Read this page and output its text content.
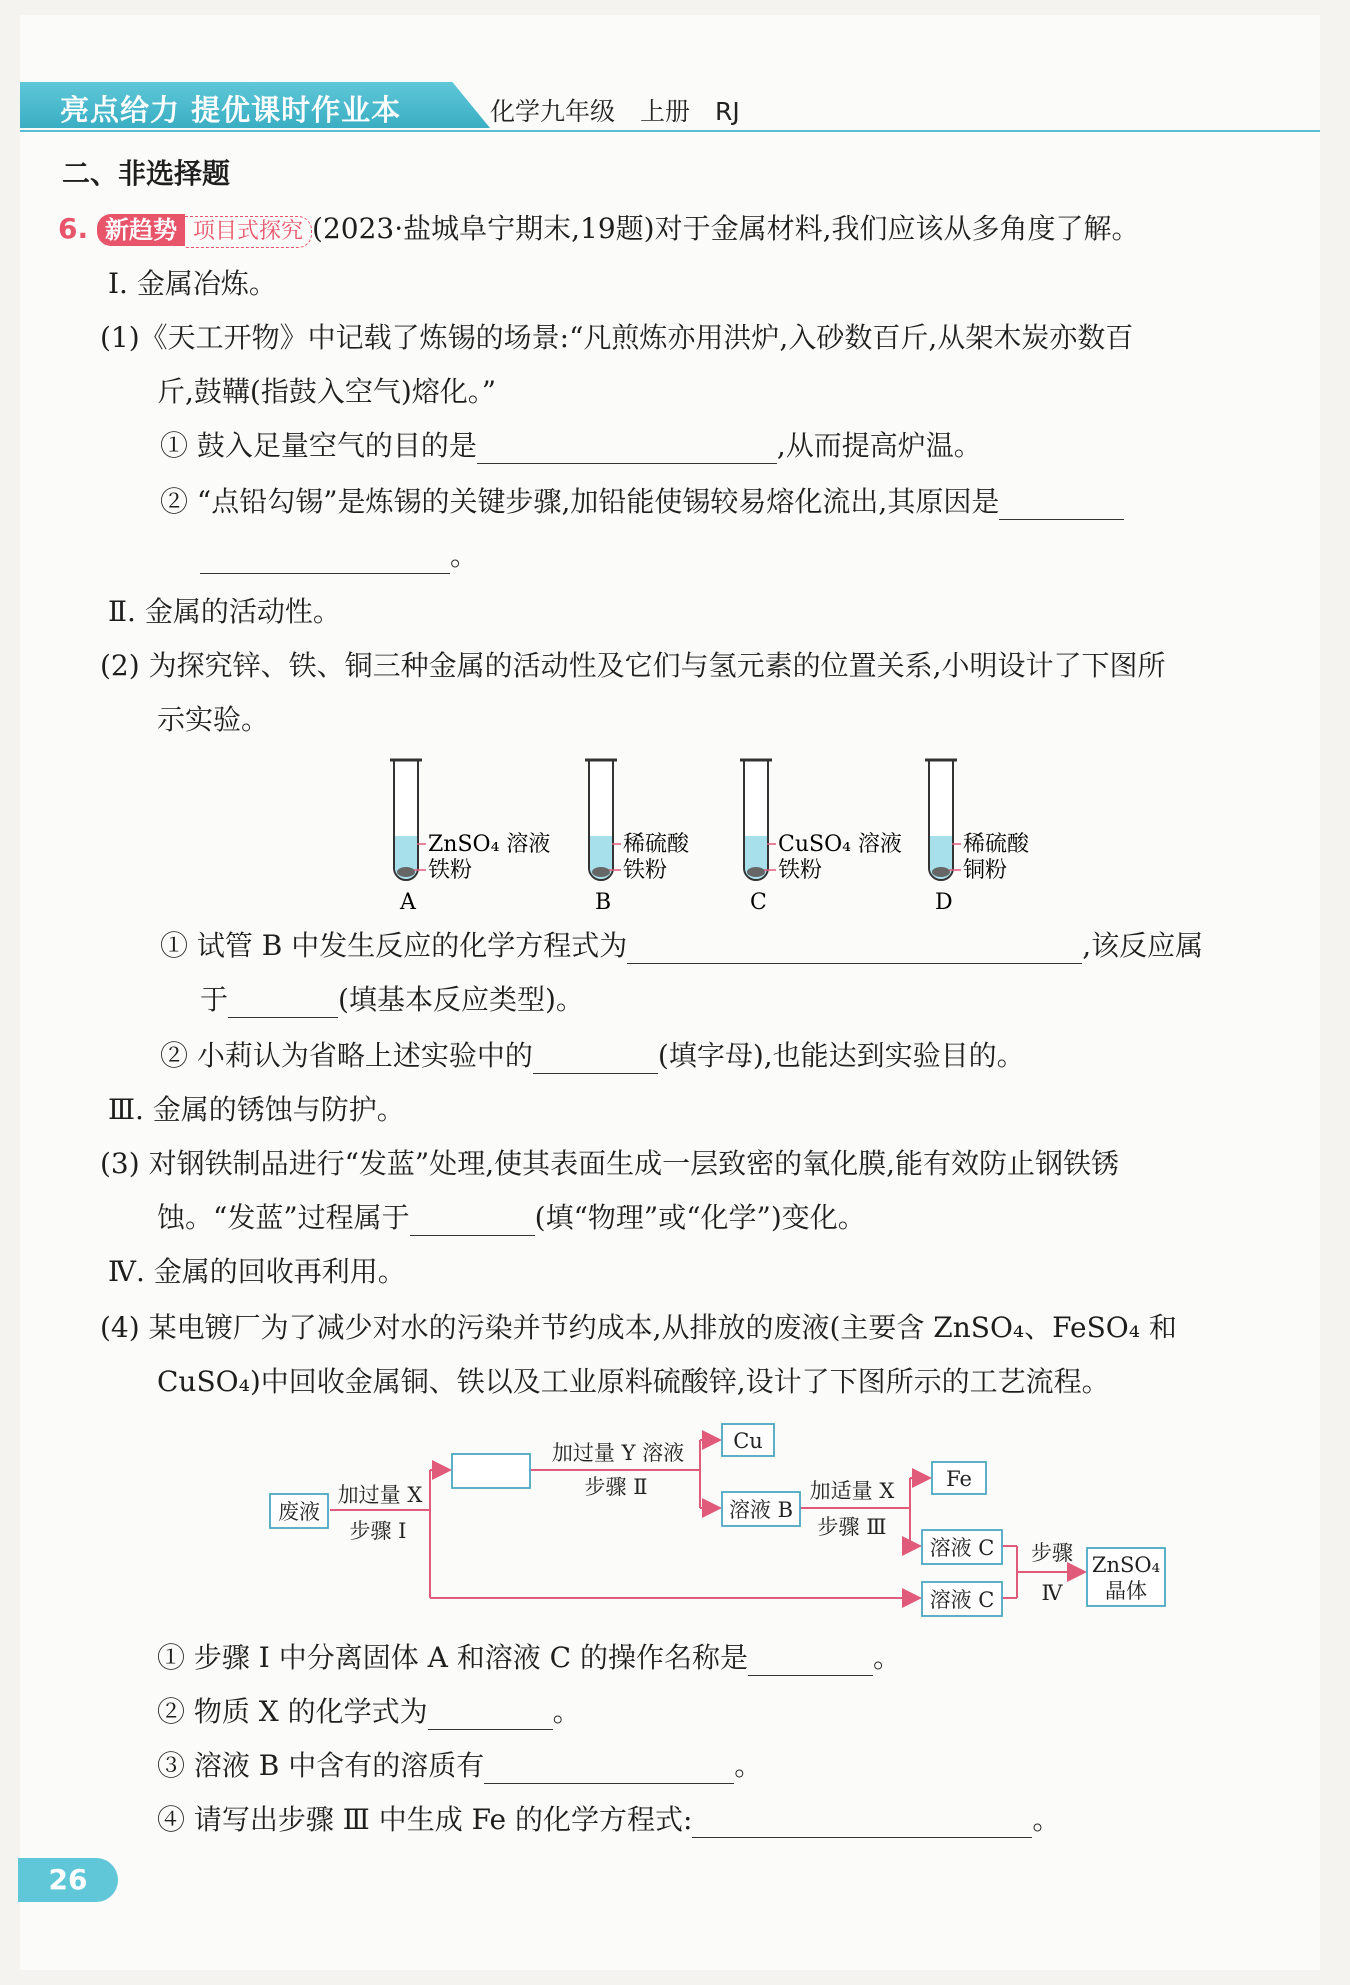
亮点给力 提优课时作业本	化学九年级　上册　RJ
二、非选择题
6. 新趋势 项目式探究 (2023·盐城阜宁期末,19题)对于金属材料,我们应该从多角度了解。
Ⅰ. 金属冶炼。
(1)《天工开物》中记载了炼锡的场景:“凡煎炼亦用洪炉,入砂数百斤,从架木炭亦数百
斤,鼓鞲(指鼓入空气)熔化。”
① 鼓入足量空气的目的是	,从而提高炉温。
② “点铅勾锡”是炼锡的关键步骤,加铅能使锡较易熔化流出,其原因是
。
Ⅱ. 金属的活动性。
(2) 为探究锌、铁、铜三种金属的活动性及它们与氢元素的位置关系,小明设计了下图所
示实验。
ZnSO₄ 溶液
铁粉
A
稀硫酸
铁粉
B
CuSO₄ 溶液
铁粉
C
稀硫酸
铜粉
D
① 试管 B 中发生反应的化学方程式为	,该反应属
于	(填基本反应类型)。
② 小莉认为省略上述实验中的	(填字母),也能达到实验目的。
Ⅲ. 金属的锈蚀与防护。
(3) 对钢铁制品进行“发蓝”处理,使其表面生成一层致密的氧化膜,能有效防止钢铁锈
蚀。“发蓝”过程属于	(填“物理”或“化学”)变化。
Ⅳ. 金属的回收再利用。
(4) 某电镀厂为了减少对水的污染并节约成本,从排放的废液(主要含 ZnSO₄、FeSO₄ 和
CuSO₄)中回收金属铜、铁以及工业原料硫酸锌,设计了下图所示的工艺流程。
废液
加过量 X
步骤 Ⅰ
加过量 Y 溶液
步骤 Ⅱ
Cu
溶液 B
加适量 X
步骤 Ⅲ
Fe
溶液 C
溶液 C
步骤
Ⅳ
ZnSO₄
晶体
① 步骤 Ⅰ 中分离固体 A 和溶液 C 的操作名称是	。
② 物质 X 的化学式为	。
③ 溶液 B 中含有的溶质有	。
④ 请写出步骤 Ⅲ 中生成 Fe 的化学方程式:	。
26
